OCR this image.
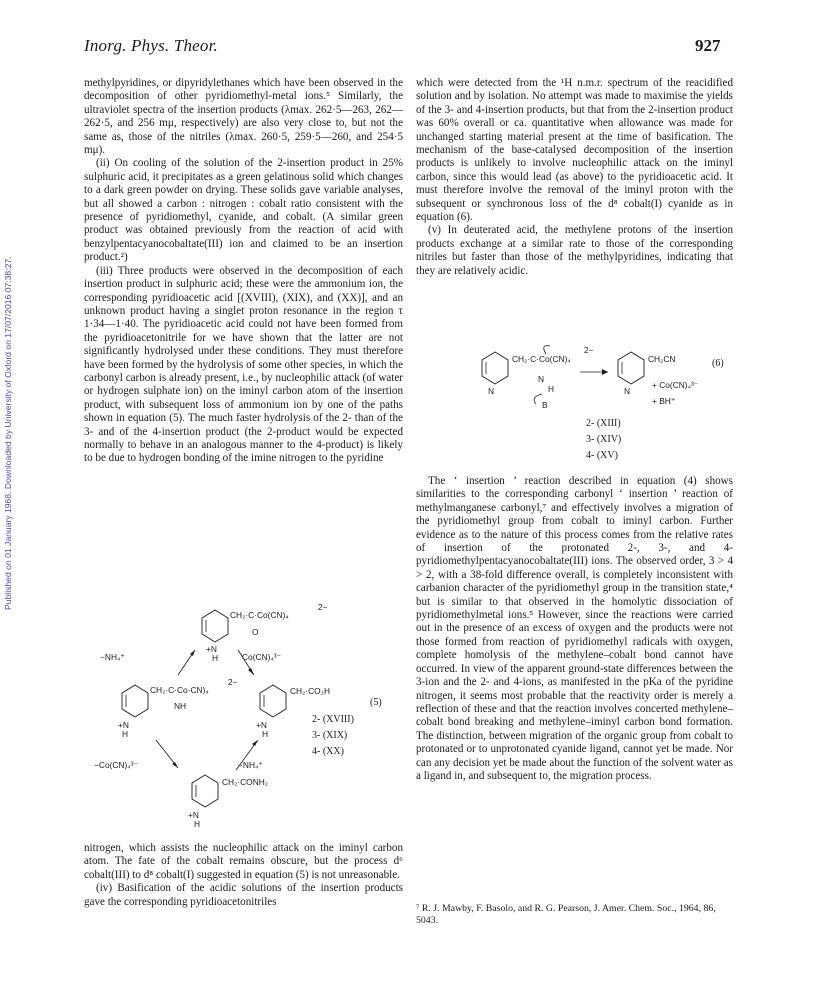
Inorg. Phys. Theor.	927
Published on 01 January 1968. Downloaded by University of Oxford on 17/07/2016 07:38:27.

methylpyridines, or dipyridylethanes which have been observed in the decomposition of other pyridiomethyl-metal ions.⁵ Similarly, the ultraviolet spectra of the insertion products (λmax. 262·5—263, 262—262·5, and 256 mμ, respectively) are also very close to, but not the same as, those of the nitriles (λmax. 260·5, 259·5—260, and 254·5 mμ).

(ii) On cooling of the solution of the 2-insertion product in 25% sulphuric acid, it precipitates as a green gelatinous solid which changes to a dark green powder on drying. These solids gave variable analyses, but all showed a carbon : nitrogen : cobalt ratio consistent with the presence of pyridiomethyl, cyanide, and cobalt. (A similar green product was obtained previously from the reaction of acid with benzylpentacyanocobaltate(III) ion and claimed to be an insertion product.²)

(iii) Three products were observed in the decomposition of each insertion product in sulphuric acid; these were the ammonium ion, the corresponding pyridioacetic acid [(XVIII), (XIX), and (XX)], and an unknown product having a singlet proton resonance in the region τ 1·34—1·40. The pyridioacetic acid could not have been formed from the pyridioacetonitrile for we have shown that the latter are not significantly hydrolysed under these conditions. They must therefore have been formed by the hydrolysis of some other species, in which the carbonyl carbon is already present, i.e., by nucleophilic attack (of water or hydrogen sulphate ion) on the iminyl carbon atom of the insertion product, with subsequent loss of ammonium ion by one of the paths shown in equation (5). The much faster hydrolysis of the 2- than of the 3- and of the 4-insertion product (the 2-product would be expected normally to behave in an analogous manner to the 4-product) is likely to be due to hydrogen bonding of the imine nitrogen to the pyridine

CH₂·C·Co(CN)₄
2−
O
+N
H
−NH₄⁺	Co(CN)₄³⁻
CH₂·C·Co·CN)₄
2−
NH
+N
H
CH₂·CO₂H
(5)
+N
H
2- (XVIII)
3- (XIX)
4- (XX)
−Co(CN)₄³⁻	−NH₄⁺
CH₂·CONH₂
+N
H

nitrogen, which assists the nucleophilic attack on the iminyl carbon atom. The fate of the cobalt remains obscure, but the process d⁶ cobalt(III) to d⁸ cobalt(I) suggested in equation (5) is not unreasonable.

(iv) Basification of the acidic solutions of the insertion products gave the corresponding pyridioacetonitriles

which were detected from the ¹H n.m.r. spectrum of the reacidified solution and by isolation. No attempt was made to maximise the yields of the 3- and 4-insertion products, but that from the 2-insertion product was 60% overall or ca. quantitative when allowance was made for unchanged starting material present at the time of basification. The mechanism of the base-catalysed decomposition of the insertion products is unlikely to involve nucleophilic attack on the iminyl carbon, since this would lead (as above) to the pyridioacetic acid. It must therefore involve the removal of the iminyl proton with the subsequent or synchronous loss of the d⁸ cobalt(I) cyanide as in equation (6).

(v) In deuterated acid, the methylene protons of the insertion products exchange at a similar rate to those of the corresponding nitriles but faster than those of the methylpyridines, indicating that they are relatively acidic.

N
CH₂·C·Co(CN)₄
2−
N
H
B
N
CH₂CN	(6)
+ Co(CN)₄³⁻
+ BH⁺
2- (XIII)
3- (XIV)
4- (XV)

The ‘ insertion ’ reaction described in equation (4) shows similarities to the corresponding carbonyl ‘ insertion ’ reaction of methylmanganese carbonyl,⁷ and effectively involves a migration of the pyridiomethyl group from cobalt to iminyl carbon. Further evidence as to the nature of this process comes from the relative rates of insertion of the protonated 2-, 3-, and 4-pyridiomethylpentacyanocobaltate(III) ions. The observed order, 3 > 4 > 2, with a 38-fold difference overall, is completely inconsistent with carbanion character of the pyridiomethyl group in the transition state,⁴ but is similar to that observed in the homolytic dissociation of pyridiomethylmetal ions.⁵ However, since the reactions were carried out in the presence of an excess of oxygen and the products were not those formed from reaction of pyridiomethyl radicals with oxygen, complete homolysis of the methylene–cobalt bond cannot have occurred. In view of the apparent ground-state differences between the 3-ion and the 2- and 4-ions, as manifested in the pKa of the pyridine nitrogen, it seems most probable that the reactivity order is merely a reflection of these and that the reaction involves concerted methylene–cobalt bond breaking and methylene–iminyl carbon bond formation. The distinction, between migration of the organic group from cobalt to protonated or to unprotonated cyanide ligand, cannot yet be made. Nor can any decision yet be made about the function of the solvent water as a ligand in, and subsequent to, the migration process.

⁷ R. J. Mawby, F. Basolo, and R. G. Pearson, J. Amer. Chem. Soc., 1964, 86, 5043.
